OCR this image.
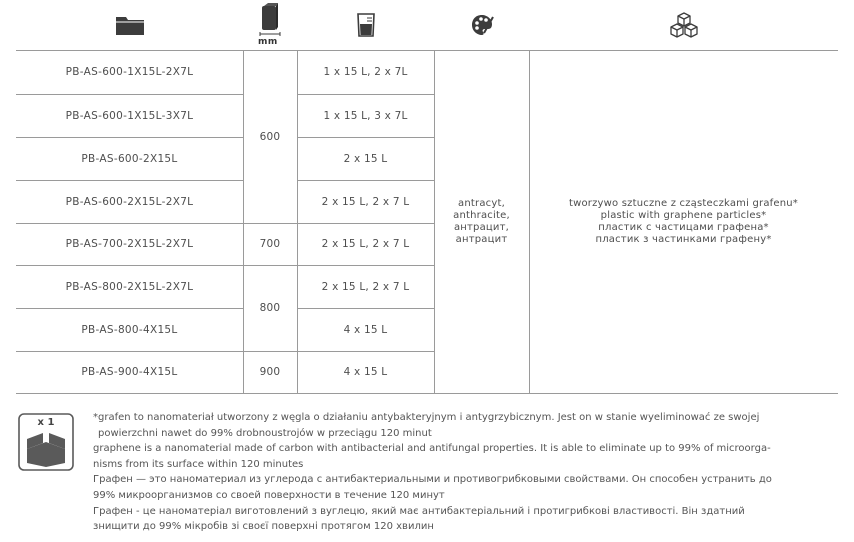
mm
PB-AS-600-1X15L-2X7L
PB-AS-600-1X15L-3X7L
PB-AS-600-2X15L
PB-AS-600-2X15L-2X7L
PB-AS-700-2X15L-2X7L
PB-AS-800-2X15L-2X7L
PB-AS-800-4X15L
PB-AS-900-4X15L
600
700
800
900
1 x 15 L, 2 x 7L
1 x 15 L, 3 x 7L
2 x 15 L
2 x 15 L, 2 x 7 L
2 x 15 L, 2 x 7 L
2 x 15 L, 2 x 7 L
4 x 15 L
4 x 15 L
antracyt,
anthracite,
антрацит,
антрацит
tworzywo sztuczne z cząsteczkami grafenu*
plastic with graphene particles*
пластик с частицами графена*
пластик з частинками графену*
x 1	*grafen to nanomateriał utworzony z węgla o działaniu antybakteryjnym i antygrzybicznym. Jest on w stanie wyeliminować ze swojej

powierzchni nawet do 99% drobnoustrojów w przeciągu 120 minut

graphene is a nanomaterial made of carbon with antibacterial and antifungal properties. It is able to eliminate up to 99% of microorga-

nisms from its surface within 120 minutes

Графен — это наноматериал из углерода с антибактериальными и противогрибковыми свойствами. Он способен устранить до

99% микроорганизмов со своей поверхности в течение 120 минут

Графен - це наноматеріал виготовлений з вуглецю, який має антибактеріальний і протигрибкові властивості. Він здатний

знищити до 99% мікробів зі своєї поверхні протягом 120 хвилин
